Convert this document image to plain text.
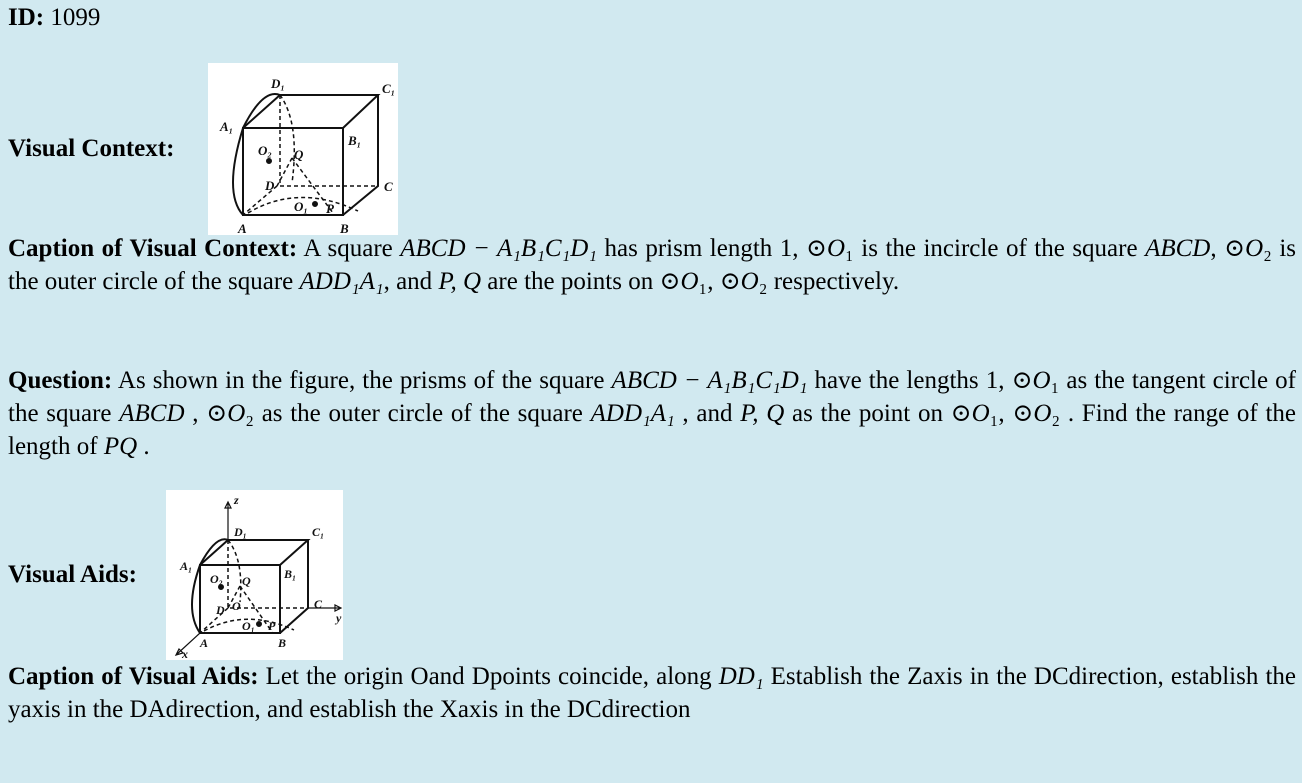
ID: 1099
Visual Context:
D₁	C₁
A₁
B₁
O₂ Q
D	C
O₁ P
A	B
Caption of Visual Context: A square ABCD − A₁B₁C₁D₁ has prism length 1, ⊙O₁ is the incircle of the square ABCD, ⊙O₂ is the outer circle of the square ADD₁A₁, and P, Q are the points on ⊙O₁, ⊙O₂ respectively.
Question: As shown in the figure, the prisms of the square ABCD − A₁B₁C₁D₁ have the lengths 1, ⊙O₁ as the tangent circle of the square ABCD , ⊙O₂ as the outer circle of the square ADD₁A₁ , and P, Q as the point on ⊙O₁, ⊙O₂ . Find the range of the length of PQ .
Visual Aids:
z
D₁	C₁
A₁
B₁
O₂ Q
D O	C
y
O₁ P
A	B
x
Caption of Visual Aids: Let the origin Oand Dpoints coincide, along DD₁ Establish the Zaxis in the DCdirection, establish the yaxis in the DAdirection, and establish the Xaxis in the DCdirection
